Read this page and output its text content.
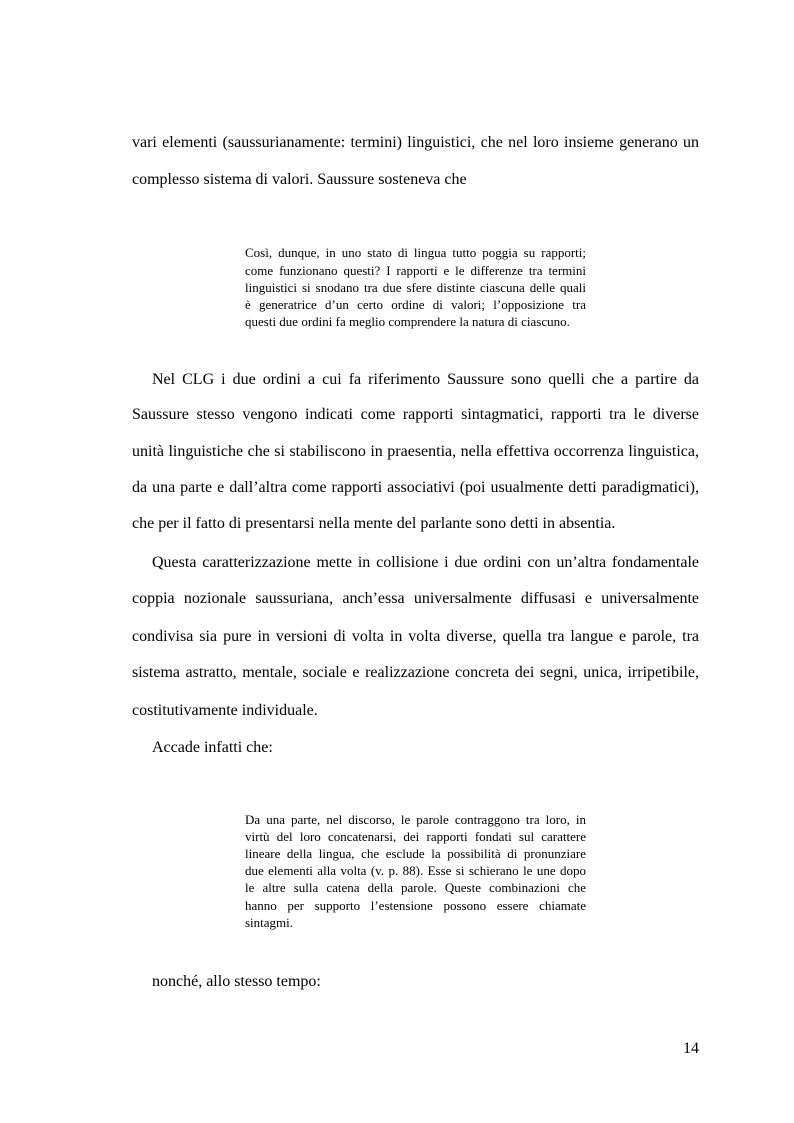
vari elementi (saussurianamente: termini) linguistici, che nel loro insieme generano un
complesso sistema di valori. Saussure sosteneva che
Così, dunque, in uno stato di lingua tutto poggia su rapporti;
come funzionano questi? I rapporti e le differenze tra termini
linguistici si snodano tra due sfere distinte ciascuna delle quali
è generatrice d’un certo ordine di valori; l’opposizione tra
questi due ordini fa meglio comprendere la natura di ciascuno.
Nel CLG i due ordini a cui fa riferimento Saussure sono quelli che a partire da
Saussure stesso vengono indicati come rapporti sintagmatici, rapporti tra le diverse
unità linguistiche che si stabiliscono in praesentia, nella effettiva occorrenza linguistica,
da una parte e dall’altra come rapporti associativi (poi usualmente detti paradigmatici),
che per il fatto di presentarsi nella mente del parlante sono detti in absentia.
Questa caratterizzazione mette in collisione i due ordini con un’altra fondamentale
coppia nozionale saussuriana, anch’essa universalmente diffusasi e universalmente
condivisa sia pure in versioni di volta in volta diverse, quella tra langue e parole, tra
sistema astratto, mentale, sociale e realizzazione concreta dei segni, unica, irripetibile,
costitutivamente individuale.
Accade infatti che:
Da una parte, nel discorso, le parole contraggono tra loro, in
virtù del loro concatenarsi, dei rapporti fondati sul carattere
lineare della lingua, che esclude la possibilità di pronunziare
due elementi alla volta (v. p. 88). Esse si schierano le une dopo
le altre sulla catena della parole. Queste combinazioni che
hanno per supporto l’estensione possono essere chiamate
sintagmi.
nonché, allo stesso tempo:
14
